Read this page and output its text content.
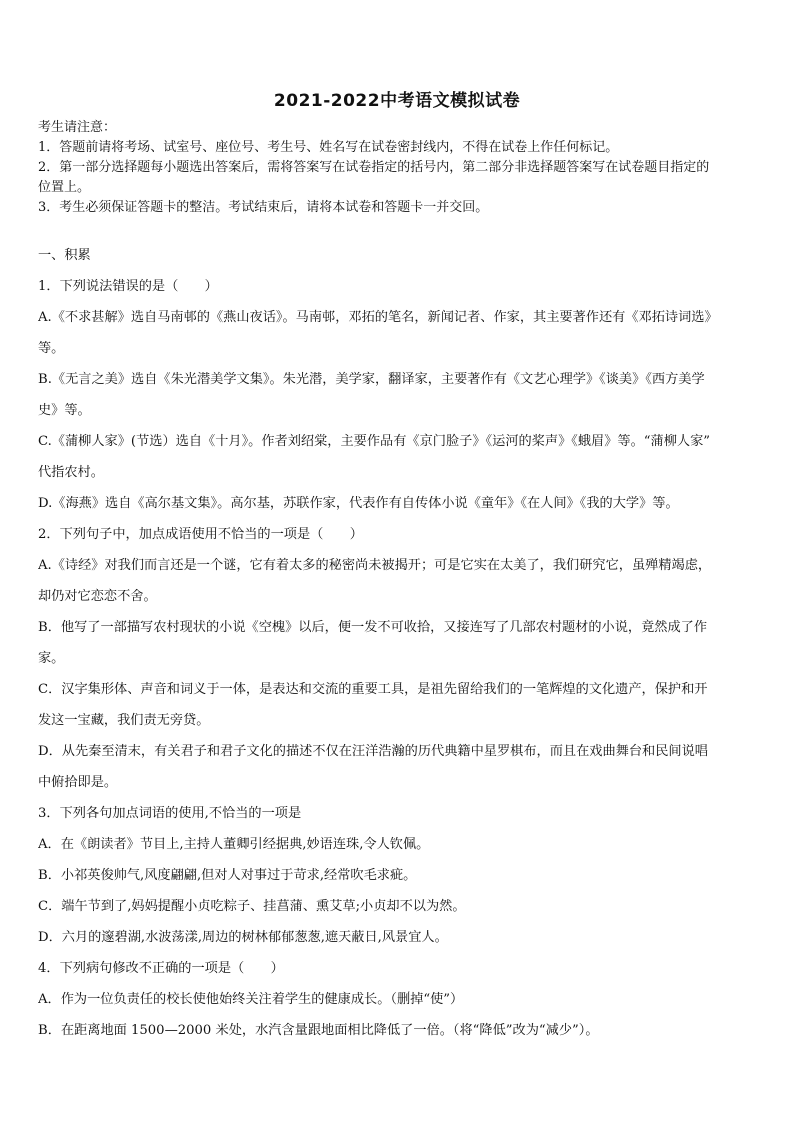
2021-2022中考语文模拟试卷
考生请注意：
1．答题前请将考场、试室号、座位号、考生号、姓名写在试卷密封线内，不得在试卷上作任何标记。
2．第一部分选择题每小题选出答案后，需将答案写在试卷指定的括号内，第二部分非选择题答案写在试卷题目指定的
位置上。
3．考生必须保证答题卡的整洁。考试结束后，请将本试卷和答题卡一并交回。
一、积累
1．下列说法错误的是（　　）
A.《不求甚解》选自马南邨的《燕山夜话》。马南邨，邓拓的笔名，新闻记者、作家，其主要著作还有《邓拓诗词选》
等。
B.《无言之美》选自《朱光潜美学文集》。朱光潜，美学家，翻译家，主要著作有《文艺心理学》《谈美》《西方美学
史》等。
C.《蒲柳人家》(节选）选自《十月》。作者刘绍棠，主要作品有《京门脸子》《运河的桨声》《蛾眉》等。“蒲柳人家”
代指农村。
D.《海燕》选自《高尔基文集》。高尔基，苏联作家，代表作有自传体小说《童年》《在人间》《我的大学》等。
2．下列句子中，加点成语使用不恰当的一项是（　　）
A.《诗经》对我们而言还是一个谜，它有着太多的秘密尚未被揭开；可是它实在太美了，我们研究它，虽殚精竭虑，
却仍对它恋恋不舍。
B．他写了一部描写农村现状的小说《空槐》以后，便一发不可收拾，又接连写了几部农村题材的小说，竟然成了作
家。
C．汉字集形体、声音和词义于一体，是表达和交流的重要工具，是祖先留给我们的一笔辉煌的文化遗产，保护和开
发这一宝藏，我们责无旁贷。
D．从先秦至清末，有关君子和君子文化的描述不仅在汪洋浩瀚的历代典籍中星罗棋布，而且在戏曲舞台和民间说唱
中俯拾即是。
3．下列各句加点词语的使用,不恰当的一项是
A．在《朗读者》节目上,主持人董卿引经据典,妙语连珠,令人钦佩。
B．小祁英俊帅气,风度翩翩,但对人对事过于苛求,经常吹毛求疵。
C．端午节到了,妈妈提醒小贞吃粽子、挂菖蒲、熏艾草;小贞却不以为然。
D．六月的邃碧湖,水波荡漾,周边的树林郁郁葱葱,遮天蔽日,风景宜人。
4．下列病句修改不正确的一项是（　　）
A．作为一位负责任的校长使他始终关注着学生的健康成长。（删掉“使”）
B．在距离地面 1500—2000 米处，水汽含量跟地面相比降低了一倍。（将“降低”改为“减少”）。
